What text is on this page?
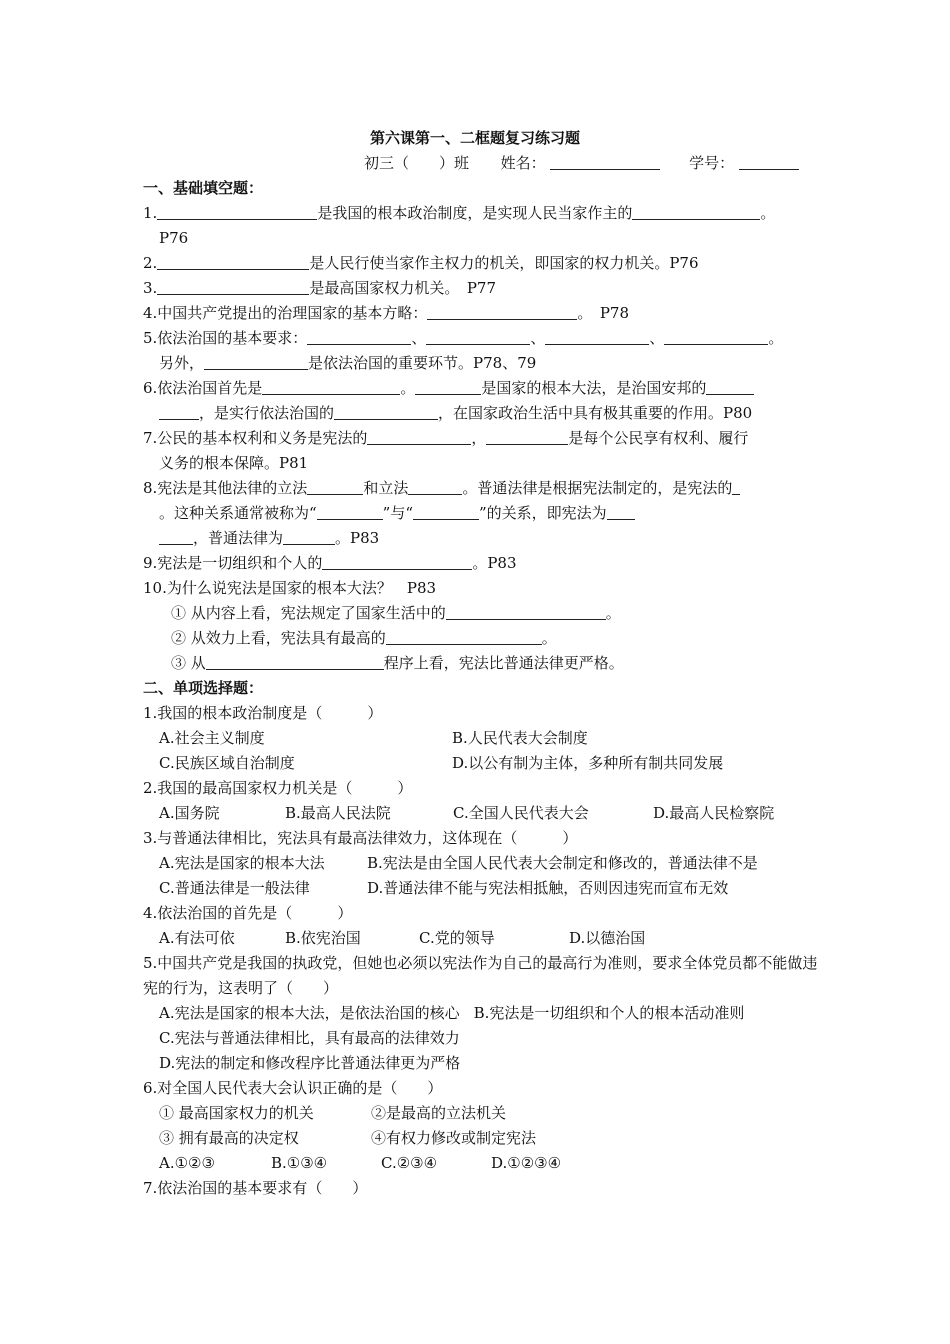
第六课第一、二框题复习练习题
初三（　　）班 姓名：	学号：
一、基础填空题：
1.	是我国的根本政治制度，是实现人民当家作主的	。
P76
2.	是人民行使当家作主权力的机关，即国家的权力机关。P76
3.	是最高国家权力机关。　P77
4.中国共产党提出的治理国家的基本方略：	。　P78
5.依法治国的基本要求：	、	、	、	。
另外，	是依法治国的重要环节。P78、79
6.依法治国首先是	。	是国家的根本大法，是治国安邦的
，是实行依法治国的	，在国家政治生活中具有极其重要的作用。P80
7.公民的基本权利和义务是宪法的	，	是每个公民享有权利、履行
义务的根本保障。P81
8.宪法是其他法律的立法	和立法	。普通法律是根据宪法制定的，是宪法的
。这种关系通常被称为“	”与“	”的关系，即宪法为
，普通法律为	。P83
9.宪法是一切组织和个人的	。P83
10.为什么说宪法是国家的根本大法？　P83
① 从内容上看，宪法规定了国家生活中的	。
② 从效力上看，宪法具有最高的	。
③ 从	程序上看，宪法比普通法律更严格。
二、单项选择题：
1.我国的根本政治制度是（　　　）
A.社会主义制度	B.人民代表大会制度
C.民族区域自治制度	D.以公有制为主体，多种所有制共同发展
2.我国的最高国家权力机关是（　　　）
A.国务院	B.最高人民法院	C.全国人民代表大会	D.最高人民检察院
3.与普通法律相比，宪法具有最高法律效力，这体现在（　　　）
A.宪法是国家的根本大法	B.宪法是由全国人民代表大会制定和修改的，普通法律不是
C.普通法律是一般法律	D.普通法律不能与宪法相抵触，否则因违宪而宣布无效
4.依法治国的首先是（　　　）
A.有法可依	B.依宪治国	C.党的领导	D.以德治国
5.中国共产党是我国的执政党，但她也必须以宪法作为自己的最高行为准则，要求全体党员都不能做违宪的行为，这表明了（　　）
A.宪法是国家的根本大法，是依法治国的核心 B.宪法是一切组织和个人的根本活动准则
C.宪法与普通法律相比，具有最高的法律效力
D.宪法的制定和修改程序比普通法律更为严格
6.对全国人民代表大会认识正确的是（　　）
① 最高国家权力的机关	②是最高的立法机关
③ 拥有最高的决定权	④有权力修改或制定宪法
A.①②③	B.①③④	C.②③④	D.①②③④
7.依法治国的基本要求有（　　）
